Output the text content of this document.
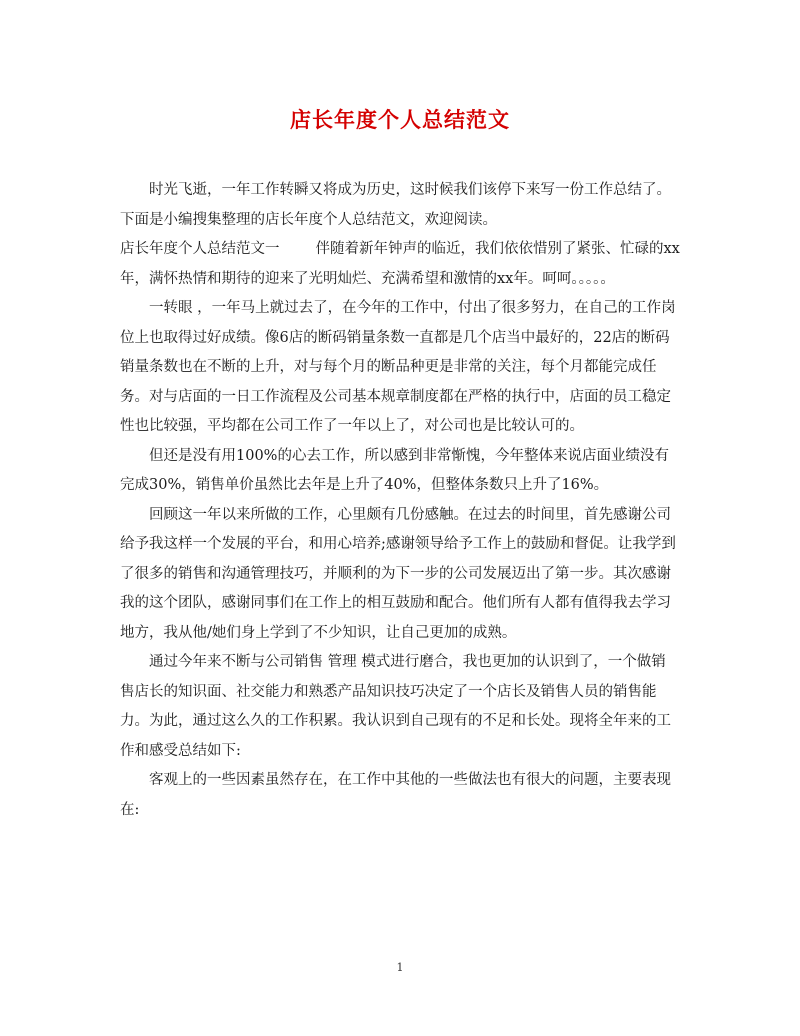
店长年度个人总结范文

时光飞逝，一年工作转瞬又将成为历史，这时候我们该停下来写一份工作总结了。下面是小编搜集整理的店长年度个人总结范文，欢迎阅读。

店长年度个人总结范文一 伴随着新年钟声的临近，我们依依惜别了紧张、忙碌的xx年，满怀热情和期待的迎来了光明灿烂、充满希望和激情的xx年。呵呵。。。。。

一转眼 ，一年马上就过去了，在今年的工作中，付出了很多努力，在自己的工作岗位上也取得过好成绩。像6店的断码销量条数一直都是几个店当中最好的，22店的断码销量条数也在不断的上升，对与每个月的断品种更是非常的关注，每个月都能完成任务。对与店面的一日工作流程及公司基本规章制度都在严格的执行中，店面的员工稳定性也比较强，平均都在公司工作了一年以上了，对公司也是比较认可的。

但还是没有用100%的心去工作，所以感到非常惭愧，今年整体来说店面业绩没有完成30%，销售单价虽然比去年是上升了40%，但整体条数只上升了16%。

回顾这一年以来所做的工作，心里颇有几份感触。在过去的时间里，首先感谢公司给予我这样一个发展的平台，和用心培养;感谢领导给予工作上的鼓励和督促。让我学到了很多的销售和沟通管理技巧，并顺利的为下一步的公司发展迈出了第一步。其次感谢我的这个团队，感谢同事们在工作上的相互鼓励和配合。他们所有人都有值得我去学习地方，我从他/她们身上学到了不少知识，让自己更加的成熟。

通过今年来不断与公司销售 管理 模式进行磨合，我也更加的认识到了，一个做销售店长的知识面、社交能力和熟悉产品知识技巧决定了一个店长及销售人员的销售能力。为此，通过这么久的工作积累。我认识到自己现有的不足和长处。现将全年来的工作和感受总结如下:

客观上的一些因素虽然存在，在工作中其他的一些做法也有很大的问题，主要表现在:

1
